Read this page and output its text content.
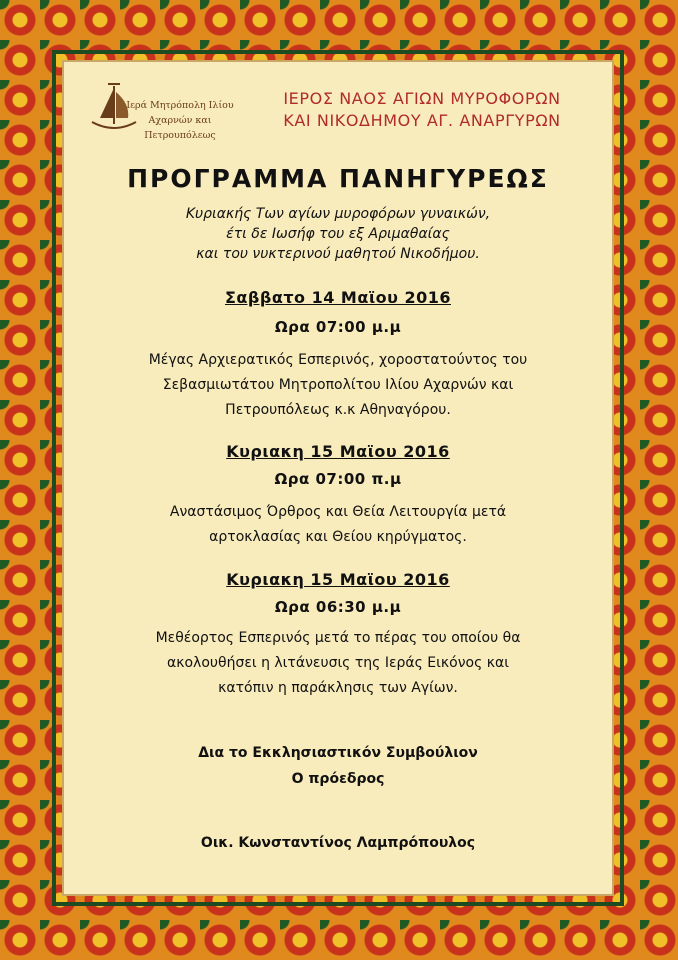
Ιερά Μητρόπολη Ιλίου
Αχαρνών και Πετρουπόλεως
ΙΕΡΟΣ ΝΑΟΣ ΑΓΙΩΝ ΜΥΡΟΦΟΡΩΝ
ΚΑΙ ΝΙΚΟΔΗΜΟΥ ΑΓ. ΑΝΑΡΓΥΡΩΝ
ΠΡΟΓΡΑΜΜΑ ΠΑΝΗΓΥΡΕΩΣ
Κυριακής Των αγίων μυροφόρων γυναικών,
έτι δε Ιωσήφ του εξ Αριμαθαίας
και του νυκτερινού μαθητού Νικοδήμου.
Σαββατο 14 Μαϊου 2016
Ωρα 07:00 μ.μ
Μέγας Αρχιερατικός Εσπερινός, χοροστατούντος του
Σεβασμιωτάτου Μητροπολίτου Ιλίου Αχαρνών και
Πετρουπόλεως κ.κ Αθηναγόρου.
Κυριακη 15 Μαϊου 2016
Ωρα 07:00 π.μ
Αναστάσιμος Όρθρος και Θεία Λειτουργία μετά
αρτοκλασίας και Θείου κηρύγματος.
Κυριακη 15 Μαϊου 2016
Ωρα 06:30 μ.μ
Μεθέορτος Εσπερινός μετά το πέρας του οποίου θα
ακολουθήσει η λιτάνευσις της Ιεράς Εικόνος και
κατόπιν η παράκλησις των Αγίων.
Δια το Εκκλησιαστικόν Συμβούλιον
Ο πρόεδρος
Οικ. Κωνσταντίνος Λαμπρόπουλος
